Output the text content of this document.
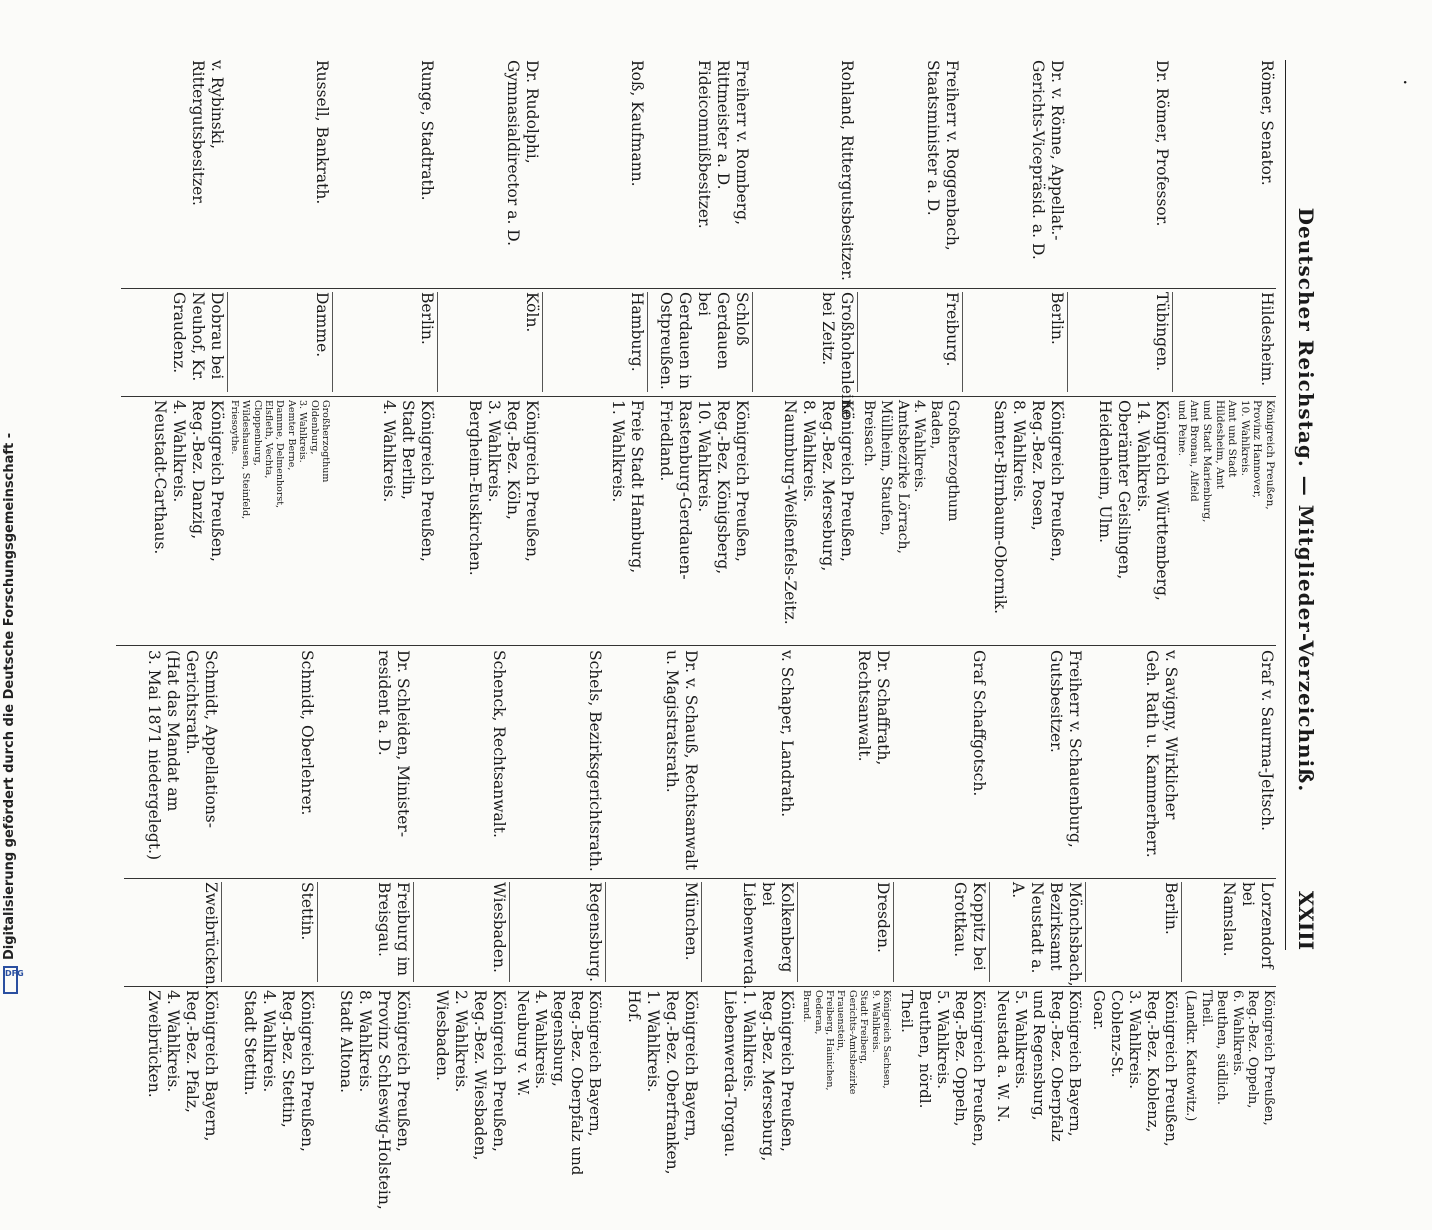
Deutscher Reichstag. — Mitglieder-Verzeichniß.
XXIII
Römer, Senator.
Hildesheim.
Königreich Preußen,
Provinz Hannover,
10. Wahlkreis.
Amt und Stadt
Hildesheim, Amt
und Stadt Marienburg,
Amt Bronau, Alfeld
und Peine.
Dr. Römer, Professor.
Tübingen.
Königreich Württemberg,
14. Wahlkreis.
Oberämter Geislingen,
Heidenheim, Ulm.
Dr. v. Rönne, Appellat.-
Gerichts-Vicepräsid. a. D.
Berlin.
Königreich Preußen,
Reg.-Bez. Posen,
8. Wahlkreis.
Samter-Birnbaum-Obornik.
Freiherr v. Roggenbach,
Staatsminister a. D.
Freiburg.
Großherzogthum
Baden,
4. Wahlkreis.
Amtsbezirke Lörrach,
Müllheim, Staufen,
Breisach.
Rohland, Rittergutsbesitzer.
Großhohenleine
bei Zeitz.
Königreich Preußen,
Reg.-Bez. Merseburg,
8. Wahlkreis.
Naumburg-Weißenfels-Zeitz.
Freiherr v. Romberg,
Rittmeister a. D. Fideicommißbesitzer.
Schloß Gerdauen bei
Gerdauen in
Ostpreußen.
Königreich Preußen,
Reg.-Bez. Königsberg,
10. Wahlkreis.
Rastenburg-Gerdauen-Friedland.
Roß, Kaufmann.
Hamburg.
Freie Stadt Hamburg,
1. Wahlkreis.
Dr. Rudolphi, Gymnasialdirector a. D.
Köln.
Königreich Preußen,
Reg.-Bez. Köln,
3. Wahlkreis.
Bergheim-Euskirchen.
Runge, Stadtrath.
Berlin.
Königreich Preußen,
Stadt Berlin,
4. Wahlkreis.
Russell, Bankrath.
Damme.
Großherzogthum
Oldenburg,
3. Wahlkreis.
Aemter Berne,
Damme, Delmenhorst,
Elsfleth, Vechta,
Cloppenburg,
Wildeshausen, Steinfeld,
Friesoythe.
v. Rybinski, Rittergutsbesitzer.
Dobrau bei
Neuhof, Kr.
Graudenz.
Königreich Preußen,
Reg.-Bez. Danzig,
4. Wahlkreis.
Neustadt-Carthaus.
Graf v. Saurma-Jeltsch.
Lorzendorf bei
Namslau.
Königreich Preußen,
Reg.-Bez. Oppeln,
6. Wahlkreis.
Beuthen, südlich.
Theil.
(Landkr. Kattowitz.)
v. Savigny, Wirklicher
Geh. Rath u. Kammerherr.
Berlin.
Königreich Preußen,
Reg.-Bez. Koblenz,
3. Wahlkreis.
Coblenz-St.
Goar.
Freiherr v. Schauenburg,
Gutsbesitzer.
Mönchsbach,
Bezirksamt
Neustadt a. A.
Königreich Bayern,
Reg.-Bez. Oberpfalz
und Regensburg,
5. Wahlkreis.
Neustadt a. W. N.
Graf Schaffgotsch.
Koppitz bei
Grottkau.
Königreich Preußen,
Reg.-Bez. Oppeln,
5. Wahlkreis.
Beuthen, nördl.
Theil.
Dr. Schaffrath, Rechtsanwalt.
Dresden.
Königreich Sachsen,
9. Wahlkreis.
Stadt Freiberg,
Gerichts-Amtsbezirke
Frauenstein,
Freiberg, Hainichen,
Oederan,
Brand.
v. Schaper, Landrath.
Kolkenberg bei
Liebenwerda.
Königreich Preußen,
Reg.-Bez. Merseburg,
1. Wahlkreis.
Liebenwerda-Torgau.
Dr. v. Schauß, Rechtsanwalt u. Magistratsrath.
München.
Königreich Bayern,
Reg.-Bez. Oberfranken,
1. Wahlkreis.
Hof.
Schels, Bezirksgerichtsrath.
Regensburg.
Königreich Bayern,
Reg.-Bez. Oberpfalz und
Regensburg,
4. Wahlkreis.
Neuburg v. W.
Schenck, Rechtsanwalt.
Wiesbaden.
Königreich Preußen,
Reg.-Bez. Wiesbaden,
2. Wahlkreis.
Wiesbaden.
Dr. Schleiden, Minister-
resident a. D.
Freiburg im
Breisgau.
Königreich Preußen,
Provinz Schleswig-Holstein,
8. Wahlkreis.
Stadt Altona.
Schmidt, Oberlehrer.
Stettin.
Königreich Preußen,
Reg.-Bez. Stettin,
4. Wahlkreis.
Stadt Stettin.
Schmidt, Appellations-
Gerichtsrath.
(Hat das Mandat am
3. Mai 1871 niedergelegt.)
Zweibrücken.
Königreich Bayern,
Reg.-Bez. Pfalz,
4. Wahlkreis.
Zweibrücken.
Digitalisierung gefördert durch die Deutsche Forschungsgemeinschaft -
DFG
·
